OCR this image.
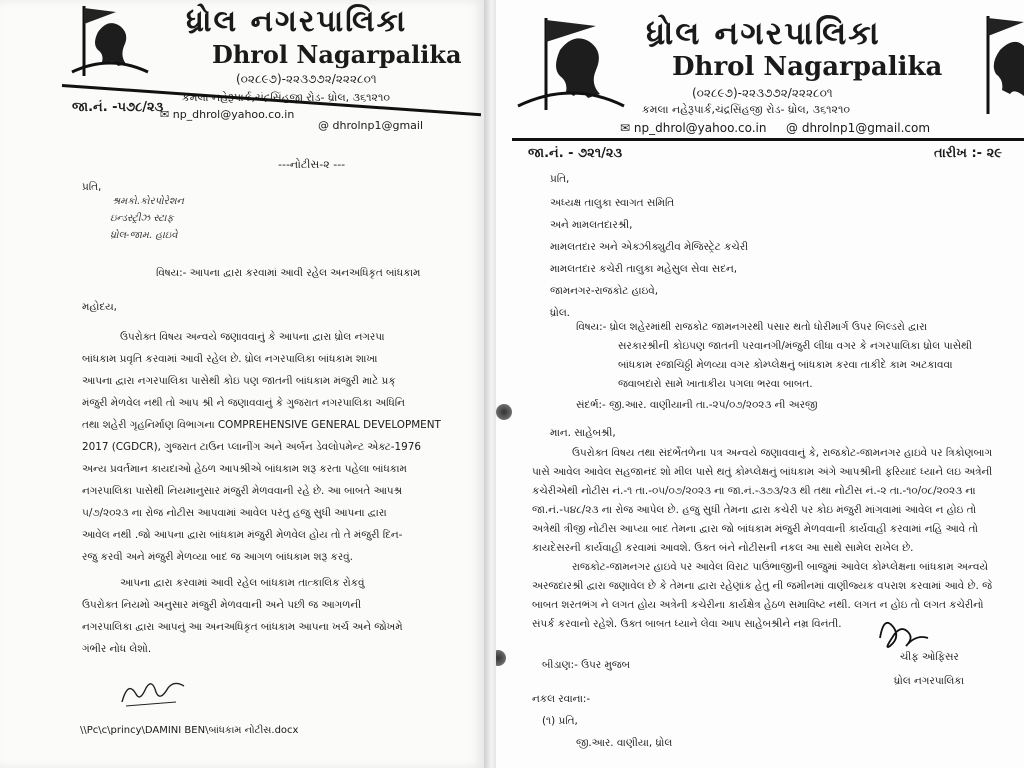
ધ્રોલ નગરપાલિકા
Dhrol Nagarpalika
(૦૨૮૯૭)-૨૨૩૭૭૨/૨૨૨૮૦૧
કમલા નહેરૂપાર્ક,ચંદ્રસિંહજી રોડ- ધ્રોલ, ૩૬૧૨૧૦
જા.નં. -૫૭૮/૨૩
✉ np_dhrol@yahoo.co.in
@ dhrolnp1@gmail
---નોટીસ-૨ ---
પ્રતિ,
શ્રમકો.કોરપોરેશન
ઇન્ડસ્ટ્રીઝ સ્ટાફ
ધ્રોલ-જામ. હાઇવે
વિષય:- આપના દ્વારા કરવામાં આવી રહેલ અનઅધિકૃત બાંધકામ
મહોદય,
ઉપરોક્ત વિષય અન્વયે જણાવવાનું કે આપના દ્વારા ધ્રોલ નગરપા
બાંધકામ પ્રવૃતિ કરવામાં આવી રહેલ છે. ધ્રોલ નગરપાલિકા બાંધકામ શાખા
આપના દ્વારા નગરપાલિકા પાસેથી કોઇ પણ જાતની બાંધકામ મંજુરી માટે પ્રક્
મંજુરી મેળવેલ નથી તો આપ શ્રી ને જણાવવાનું કે ગુજરાત નગરપાલિકા અધિનિ
તથા શહેરી ગૃહનિર્માણ વિભાગના COMPREHENSIVE GENERAL DEVELOPMENT
2017 (CGDCR), ગુજરાત ટાઉન પ્લાનીંગ અને અર્બન ડેવલોપમેન્ટ એક્ટ-1976
અન્ય પ્રવર્તમાન કાયદાઓ હેઠળ આપશ્રીએ બાંધકામ શરૂ કરતા પહેલા બાંધકામ
નગરપાલિકા પાસેથી નિયમાનુસાર મંજુરી મેળવવાની રહે છે. આ બાબતે આપશ્ર
૫/૭/૨૦૨૩ ના રોજ નોટીસ આપવામાં આવેલ પરંતુ હજુ સુધી આપના દ્વારા
આવેલ નથી .જો આપના દ્વારા બાંધકામ મંજુરી મેળવેલ હોય તો તે મંજુરી દિન-
રજુ કરવી અને મંજુરી મેળવ્યા બાદ જ આગળ બાંધકામ શરૂ કરવું.
આપના દ્વારા કરવામાં આવી રહેલ બાંધકામ તાત્કાલિક રોકવું
ઉપરોક્ત નિયમો અનુસાર મંજુરી મેળવવાની અને પછી જ આગળની
નગરપાલિકા દ્વારા આપનું આ અનઅધિકૃત બાંધકામ આપના ખર્ચ અને જોખમે
ગંભીર નોધ લેશો.
\\Pc\c\princy\DAMINI BEN\બાંધકામ નોટીસ.docx
ધ્રોલ નગરપાલિકા
Dhrol Nagarpalika
(૦૨૮૯૭)-૨૨૩૭૭૨/૨૨૨૮૦૧
કમલા નહેરૂપાર્ક,ચંદ્રસિંહજી રોડ- ધ્રોલ, ૩૬૧૨૧૦
✉ np_dhrol@yahoo.co.in @ dhrolnp1@gmail.com
જા.નં. - ૭૨૧/૨૩	તારીખ :- ૨૯
પ્રતિ,
અધ્યક્ષ તાલુકા સ્વાગત સમિતિ
અને મામલતદારશ્રી,
મામલતદાર અને એક્ઝીક્યુટીવ મેજિસ્ટ્રેટ કચેરી
મામલતદાર કચેરી તાલુકા મહેસુલ સેવા સદન,
જામનગર-રાજકોટ હાઇવે,
ધ્રોલ.
વિષય:- ધ્રોલ શહેરમાંથી રાજકોટ જામનગરથી પસાર થતો ધોરીમાર્ગ ઉપર બિલ્ડરો દ્વારા
સરકારશ્રીની કોઇપણ જાતની પરવાનગી/મંજુરી લીધા વગર કે નગરપાલિકા ધ્રોલ પાસેથી
બાંધકામ રજાચિઠ્ઠી મેળવ્યા વગર કોમ્પ્લેક્ષનું બાંધકામ કરવા તાકીદે કામ અટકાવવા
જવાબદારો સામે ખાતાકીય પગલા ભરવા બાબત.
સંદર્ભ:- જી.આર. વાણીયાની તા.-૨૫/૦૭/૨૦૨૩ ની અરજી
માન. સાહેબશ્રી,
ઉપરોક્ત વિષય તથા સંદર્ભેતળેના પત્ર અન્વયે જણાવવાનું કે, રાજકોટ-જામનગર હાઇવે પર ત્રિકોણબાગ
પાસે આવેલ આવેલ સહજાનંદ શો મીલ પાસે થતું કોમ્પ્લેક્ષનું બાંધકામ અંગે આપશ્રીની ફરિયાદ ધ્યાને લઇ અત્રેની
કચેરીએથી નોટીસ નં.-૧ તા.-૦૫/૦૭/૨૦૨૩ ના જા.નં.-૩૭૩/૨૩ થી તથા નોટીસ નં.-૨ તા.-૧૦/૦૮/૨૦૨૩ ના
જા.નં.-૫૪૮/૨૩ ના રોજ આપેલ છે. હજુ સુધી તેમના દ્વારા કચેરી પર કોઇ મંજુરી માંગવામાં આવેલ ન હોઇ તો
અત્રેથી ત્રીજી નોટીસ આપ્યા બાદ તેમના દ્વારા જો બાંધકામ મંજુરી મેળવવાની કાર્યવાહી કરવામાં નહિ આવે તો
કાયદેસરની કાર્યવાહી કરવામાં આવશે. ઉક્ત બંને નોટીસની નકલ આ સાથે સામેલ રાખેલ છે.
રાજકોટ-જામનગર હાઇવે પર આવેલ વિરાટ પાઉંભાજીની બાજુમાં આવેલ કોમ્પ્લેક્ષના બાંધકામ અન્વયે
અરજદારશ્રી દ્વારા જણાવેલ છે કે તેમના દ્વારા રહેણાંક હેતુ ની જમીનમાં વાણીજ્યક વપરાશ કરવામાં આવે છે. જે
બાબત શરતભંગ ને લગત હોય અત્રેની કચેરીના કાર્યક્ષેત્ર હેઠળ સમાવિષ્ટ નથી. લગત ન હોઇ તો લગત કચેરીનો
સંપર્ક કરવાનો રહેશે. ઉક્ત બાબત ધ્યાને લેવા આપ સાહેબશ્રીને નમ્ર વિનંતી.
ચીફ ઓફિસર
બીડાણ:- ઉપર મુજબ
ધ્રોલ નગરપાલિકા
નકલ રવાના:-
(૧) પ્રતિ,
જી.આર. વાણીયા, ધ્રોલ
